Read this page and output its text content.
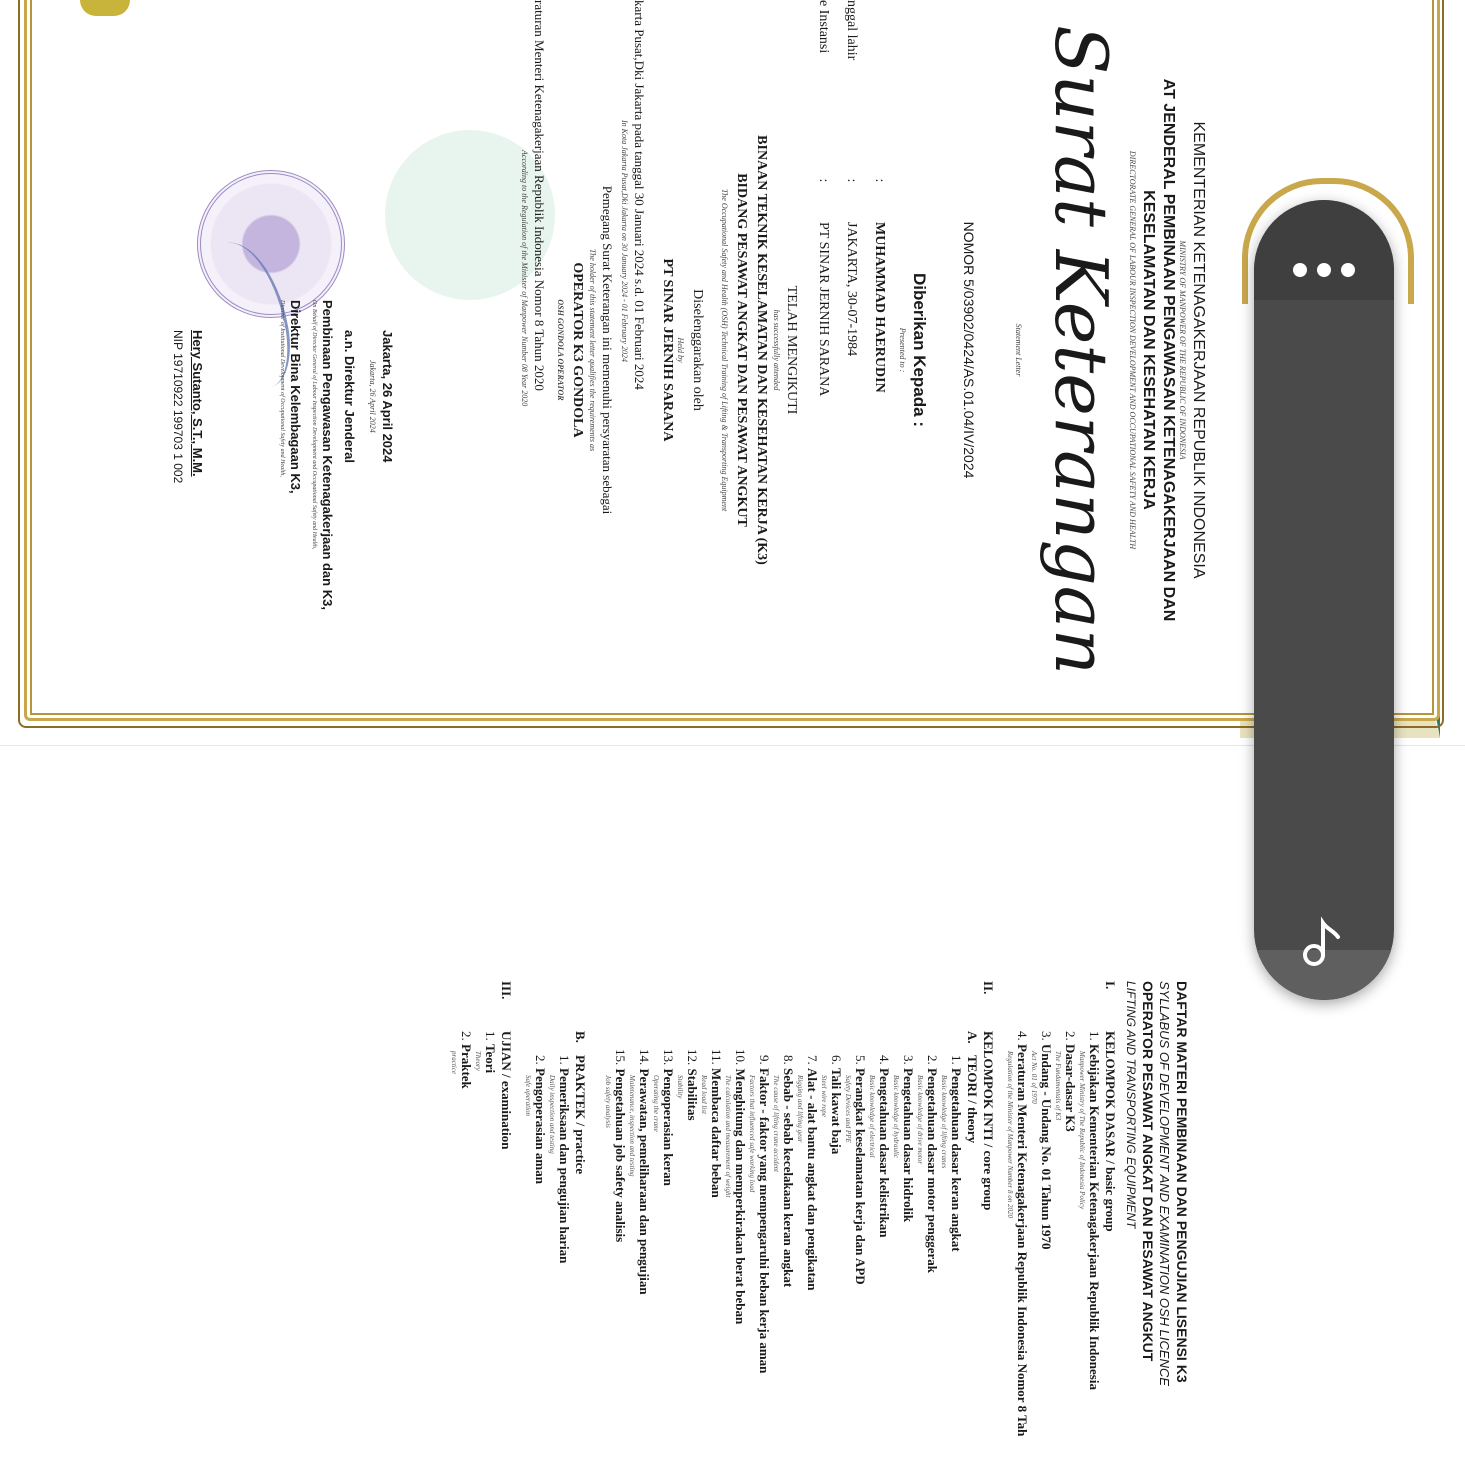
KEMENTERIAN KETENAGAKERJAAN REPUBLIK INDONESIA
MINISTRY OF MANPOWER OF THE REPUBLIC OF INDONESIA
AT JENDERAL PEMBINAAN PENGAWASAN KETENAGAKERJAAN DAN
KESELAMATAN DAN KESEHATAN KERJA
DIRECTORATE GENERAL OF LABOUR INSPECTION DEVELOPMENT AND OCCUPATIONAL SAFETY AND HEALTH
Surat Keterangan
Statement Letter
NOMOR 5/03902/0424/AS.01.04/IV/2024
Diberikan Kepada :
Presented to :
: MUHAMMAD HAERUDIN
nggal lahir : JAKARTA, 30-07-1984
e Instansi : PT SINAR JERNIH SARANA
TELAH MENGIKUTI
has successfully attended
BINAAN TEKNIK KESELAMATAN DAN KESEHATAN KERJA (K3)
BIDANG PESAWAT ANGKAT DAN PESAWAT ANGKUT
The Occupational Safety and Health (OSH) Technical Training of Lifting & Transporting Equipment
Diselenggarakan oleh
Held by
PT SINAR JERNIH SARANA
karta Pusat,Dki Jakarta pada tanggal 30 Januari 2024 s.d. 01 Februari 2024
In Kota Jakarta Pusat,Dki Jakarta on 30 January 2024 - 01 February 2024
Pemegang Surat Keterangan ini memenuhi persyaratan sebagai
The holder of this statement letter qualifies the requirements as
OPERATOR K3 GONDOLA
OSH GONDOLA OPERATOR
raturan Menteri Ketenagakerjaan Republik Indonesia Nomor 8 Tahun 2020
According to the Regulation of the Minister of Manpower Number 08 Year 2020
Jakarta, 26 April 2024
Jakarta, 26 April 2024
a.n. Direktur Jenderal
Pembinaan Pengawasan Ketenagakerjaan dan K3,
On Behalf of Director General of Labour Inspection Development and Occupational Safety and Health,
Direktur Bina Kelembagaan K3,
Director of Institutional Development of Occupational Safety and Health,
Hery Sutanto, S.T., M.M.
NIP 19710922 199703 1 002
DAFTAR MATERI PEMBINAAN DAN PENGUJIAN LISENSI K3
SYLLABUS OF DEVELOPMENT AND EXAMINATION OSH LICENCE
OPERATOR PESAWAT ANGKAT DAN PESAWAT ANGKUT
LIFTING AND TRANSPORTING EQUIPMENT
I.
KELOMPOK DASAR / basic group
1. Kebijakan Kementerian Ketenagakerjaan Republik Indonesia
Manpower Ministry of The Republic of Indonesia Policy
2. Dasar-dasar K3
The Fundamentals of K3
3. Undang - Undang No. 01 Tahun 1970
Act No. 01 of 1970
4. Peraturan Menteri Ketenagakerjaan Republik Indonesia Nomor 8 Tah
Regulation of the Minister of Manpower Number 8 on 2020
II.
KELOMPOK INTI / core group
A.
TEORI / theory
1. Pengetahuan dasar keran angkat
Basic knowledge of lifting cranes
2. Pengetahuan dasar motor penggerak
Basic knowledge of drive motor
3. Pengetahuan dasar hidrolik
Basic knowledge of hydraulic
4. Pengetahuan dasar kelistrikan
Basic knowledge of electrical
5. Perangkat keselamatan kerja dan APD
Safety Devices and PPE
6. Tali kawat baja
Steel wire rope
7. Alat - alat bantu angkat dan pengikatan
Rigging and lifting gear
8. Sebab - sebab kecelakaan keran angkat
The cause of lifting crane accident
9. Faktor - faktor yang mempengaruhi beban kerja aman
Factors that influenced safe working load
10. Menghitung dan memperkirakan berat beban
The calculation and measurement of weight
11. Membaca daftar beban
Read load list
12. Stabilitas
Stability
13. Pengoperasian keran
Operating the crane
14. Perawatan, pemeliharaan dan pengujian
Maintenance, inspection and testing
15. Pengetahuan job safety analisis
Job safety analysis
B.
PRAKTEK / practice
1. Pemeriksaan dan pengujian harian
Daily inspection and testing
2. Pengoperasian aman
Safe operation
III.
UJIAN / examination
1. Teori
Theory
2. Praktek
practice
